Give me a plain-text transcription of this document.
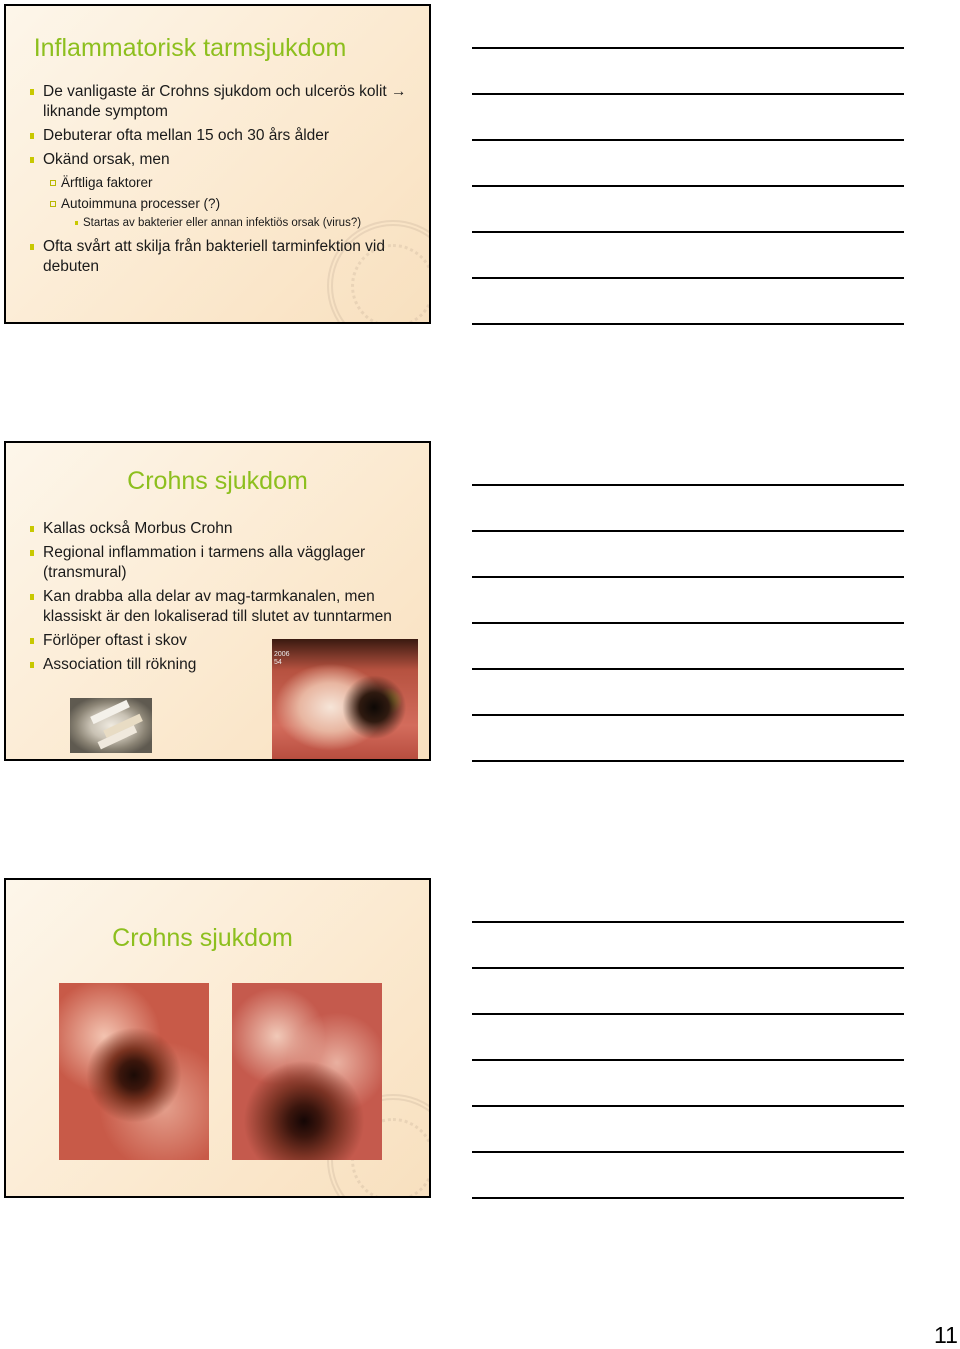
Inflammatorisk tarmsjukdom
De vanligaste är Crohns sjukdom och ulcerös kolit → liknande symptom
Debuterar ofta mellan 15 och 30 års ålder
Okänd orsak, men
Ärftliga faktorer
Autoimmuna processer (?)
Startas av bakterier eller annan infektiös orsak (virus?)
Ofta svårt att skilja från bakteriell tarminfektion vid debuten
Crohns sjukdom
Kallas också Morbus Crohn
Regional inflammation i tarmens alla vägglager (transmural)
Kan drabba alla delar av mag-tarmkanalen, men klassiskt är den lokaliserad till slutet av tunntarmen
Förlöper oftast i skov
Association till rökning
2006
54
Crohns sjukdom
11
